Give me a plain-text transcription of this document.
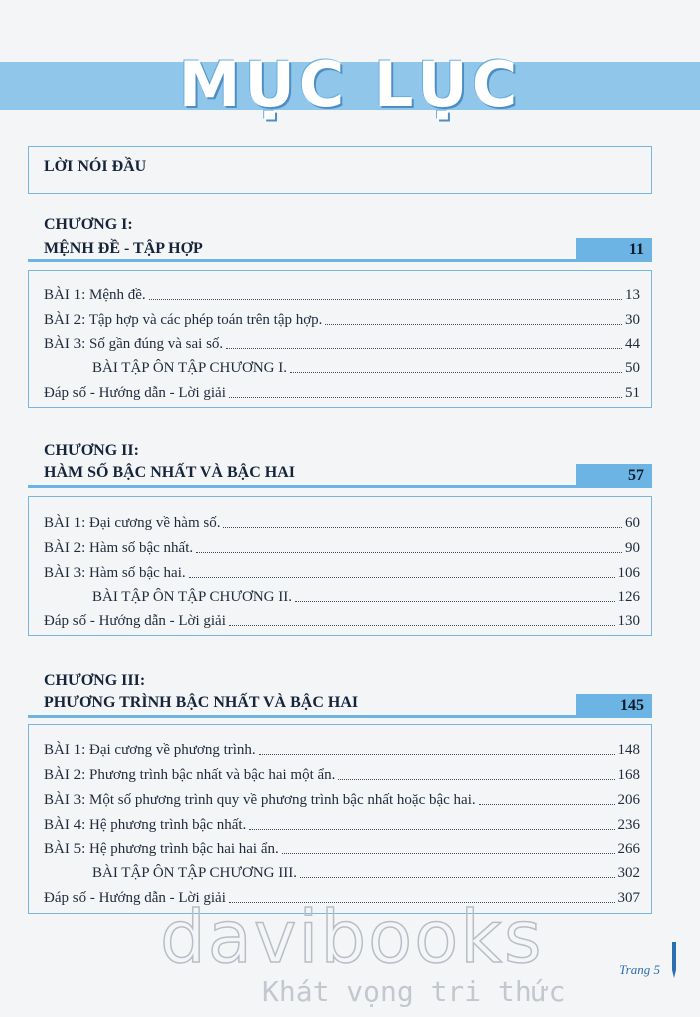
MỤC LỤC
LỜI NÓI ĐẦU
CHƯƠNG I:
MỆNH ĐỀ - TẬP HỢP	11
BÀI 1: Mệnh đề.	13
BÀI 2: Tập hợp và các phép toán trên tập hợp.	30
BÀI 3: Số gần đúng và sai số.	44
BÀI TẬP ÔN TẬP CHƯƠNG I.	50
Đáp số - Hướng dẫn - Lời giải	51
CHƯƠNG II:
HÀM SỐ BẬC NHẤT VÀ BẬC HAI	57
BÀI 1: Đại cương về hàm số.	60
BÀI 2: Hàm số bậc nhất.	90
BÀI 3: Hàm số bậc hai.	106
BÀI TẬP ÔN TẬP CHƯƠNG II.	126
Đáp số - Hướng dẫn - Lời giải	130
CHƯƠNG III:
PHƯƠNG TRÌNH BẬC NHẤT VÀ BẬC HAI	145
BÀI 1: Đại cương về phương trình.	148
BÀI 2: Phương trình bậc nhất và bậc hai một ẩn.	168
BÀI 3: Một số phương trình quy về phương trình bậc nhất hoặc bậc hai.	206
BÀI 4: Hệ phương trình bậc nhất.	236
BÀI 5: Hệ phương trình bậc hai hai ẩn.	266
BÀI TẬP ÔN TẬP CHƯƠNG III.	302
Đáp số - Hướng dẫn - Lời giải	307
davibooks
Khát vọng tri thức
Trang 5
